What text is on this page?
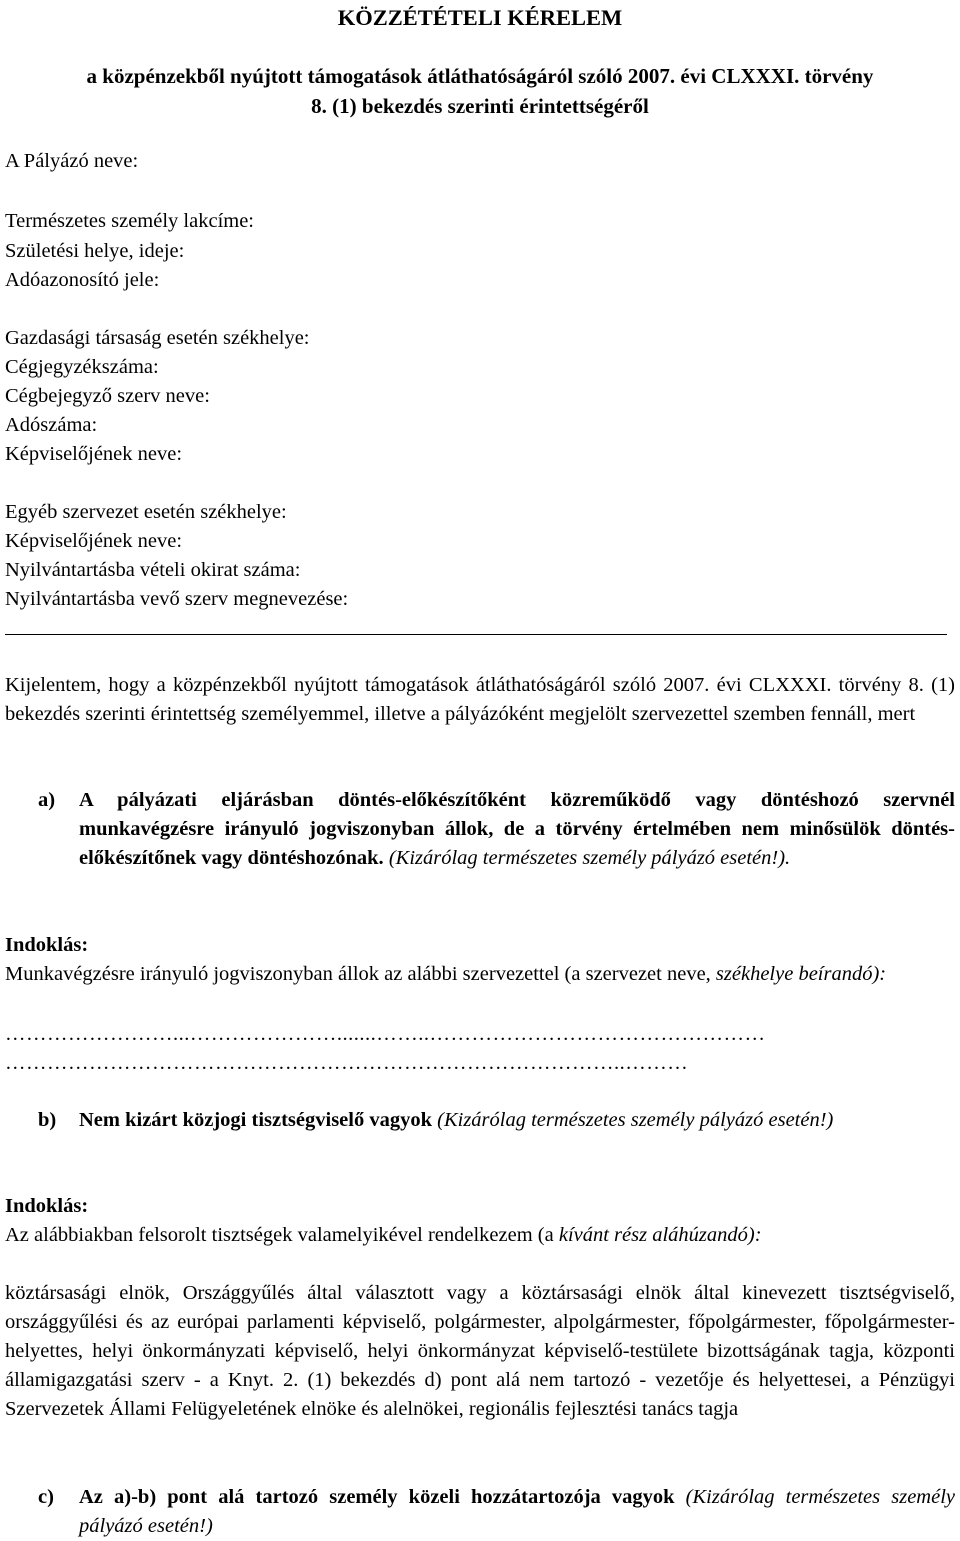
KÖZZÉTÉTELI KÉRELEM
a közpénzekből nyújtott támogatások átláthatóságáról szóló 2007. évi CLXXXI. törvény
8. (1) bekezdés szerinti érintettségéről
A Pályázó neve:
Természetes személy lakcíme:
Születési helye, ideje:
Adóazonosító jele:
Gazdasági társaság esetén székhelye:
Cégjegyzékszáma:
Cégbejegyző szerv neve:
Adószáma:
Képviselőjének neve:
Egyéb szervezet esetén székhelye:
Képviselőjének neve:
Nyilvántartásba vételi okirat száma:
Nyilvántartásba vevő szerv megnevezése:
Kijelentem, hogy a közpénzekből nyújtott támogatások átláthatóságáról szóló 2007. évi CLXXXI. törvény 8. (1) bekezdés szerinti érintettség személyemmel, illetve a pályázóként megjelölt szervezettel szemben fennáll, mert
a) A pályázati eljárásban döntés-előkészítőként közreműködő vagy döntéshozó szervnél munkavégzésre irányuló jogviszonyban állok, de a törvény értelmében nem minősülök döntés-előkészítőnek vagy döntéshozónak. (Kizárólag természetes személy pályázó esetén!).
Indoklás:
Munkavégzésre irányuló jogviszonyban állok az alábbi szervezettel (a szervezet neve, székhelye beírandó):
……………………...………………….......……..…………………………………………
……………………………………………………………………………..………
b) Nem kizárt közjogi tisztségviselő vagyok (Kizárólag természetes személy pályázó esetén!)
Indoklás:
Az alábbiakban felsorolt tisztségek valamelyikével rendelkezem (a kívánt rész aláhúzandó):
köztársasági elnök, Országgyűlés által választott vagy a köztársasági elnök által kinevezett tisztségviselő, országgyűlési és az európai parlamenti képviselő, polgármester, alpolgármester, főpolgármester, főpolgármester-helyettes, helyi önkormányzati képviselő, helyi önkormányzat képviselő-testülete bizottságának tagja, központi államigazgatási szerv - a Knyt. 2. (1) bekezdés d) pont alá nem tartozó - vezetője és helyettesei, a Pénzügyi Szervezetek Állami Felügyeletének elnöke és alelnökei, regionális fejlesztési tanács tagja
c) Az a)-b) pont alá tartozó személy közeli hozzátartozója vagyok (Kizárólag természetes személy pályázó esetén!)
